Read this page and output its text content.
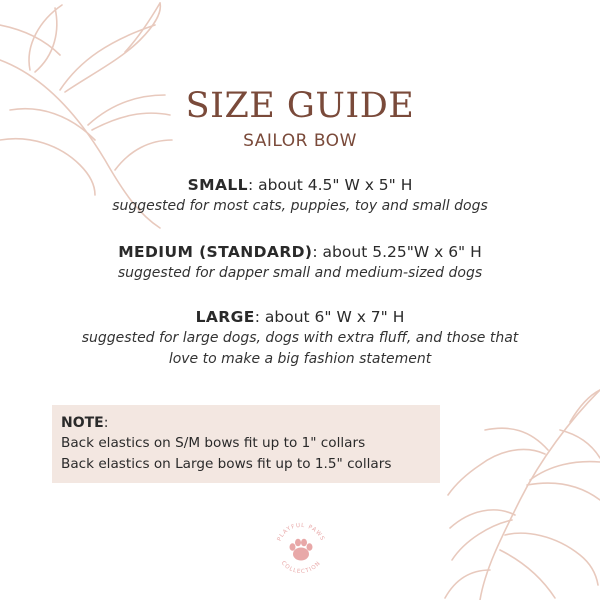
SIZE GUIDE
SAILOR BOW
SMALL: about 4.5" W x 5" H
suggested for most cats, puppies, toy and small dogs
MEDIUM (STANDARD): about 5.25"W x 6" H
suggested for dapper small and medium-sized dogs
LARGE: about 6" W x 7" H
suggested for large dogs, dogs with extra fluff, and those that
love to make a big fashion statement
NOTE:
Back elastics on S/M bows fit up to 1" collars
Back elastics on Large bows fit up to 1.5" collars
PLAYFUL PAWS
COLLECTION
